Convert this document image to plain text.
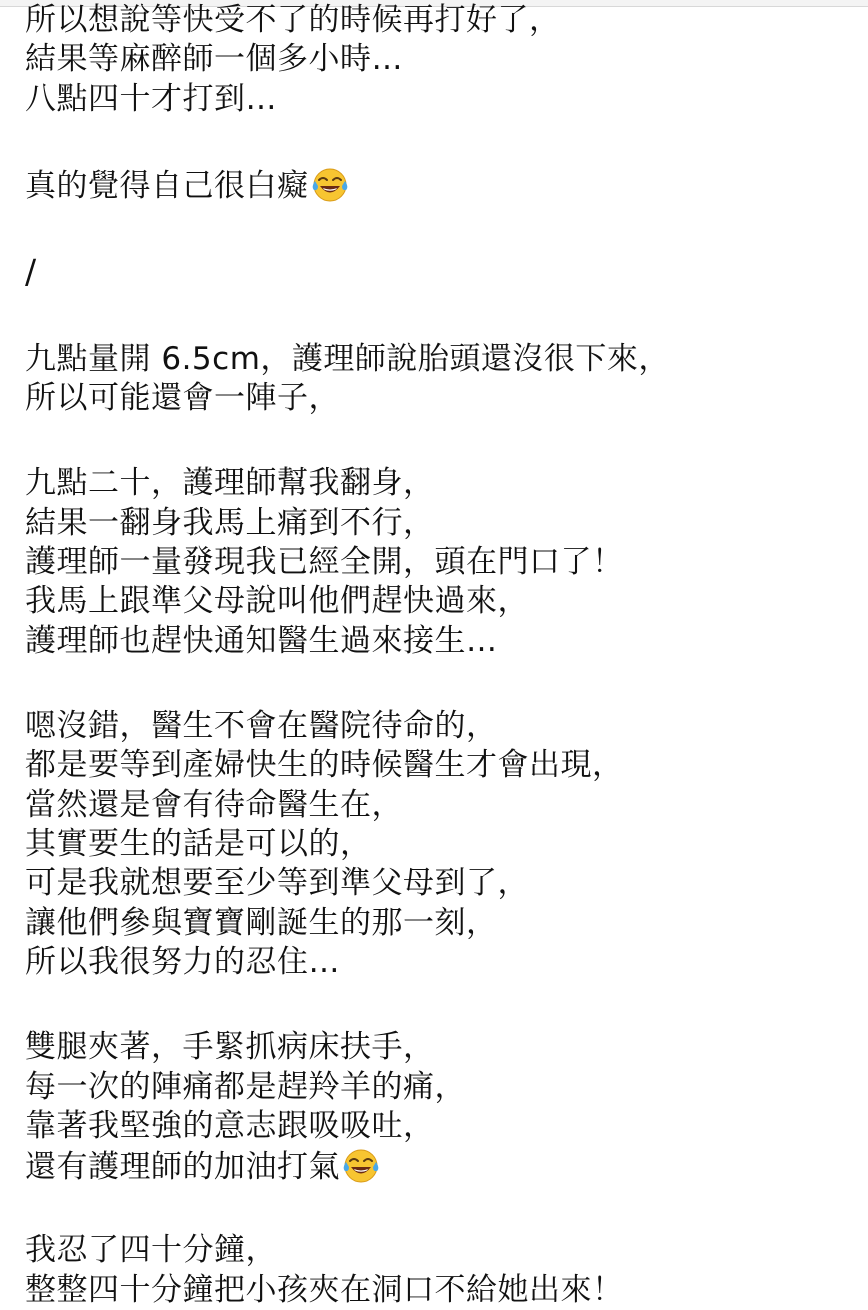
所以想說等快受不了的時候再打好了，
結果等麻醉師一個多小時…
八點四十才打到…
真的覺得自己很白癡
/
九點量開 6.5cm，護理師說胎頭還沒很下來，
所以可能還會一陣子，
九點二十，護理師幫我翻身，
結果一翻身我馬上痛到不行，
護理師一量發現我已經全開，頭在門口了！
我馬上跟準父母說叫他們趕快過來，
護理師也趕快通知醫生過來接生…
嗯沒錯，醫生不會在醫院待命的，
都是要等到產婦快生的時候醫生才會出現，
當然還是會有待命醫生在，
其實要生的話是可以的，
可是我就想要至少等到準父母到了，
讓他們參與寶寶剛誕生的那一刻，
所以我很努力的忍住…
雙腿夾著，手緊抓病床扶手，
每一次的陣痛都是趕羚羊的痛，
靠著我堅強的意志跟吸吸吐，
還有護理師的加油打氣
我忍了四十分鐘，
整整四十分鐘把小孩夾在洞口不給她出來！
